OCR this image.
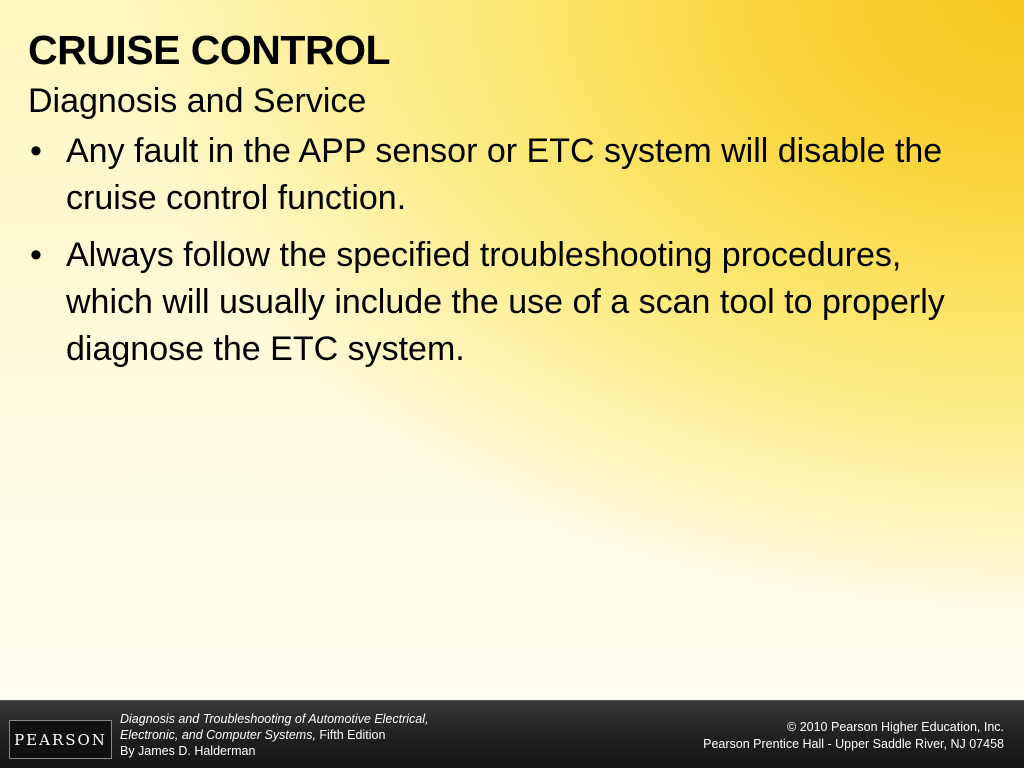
CRUISE CONTROL
Diagnosis and Service
• Any fault in the APP sensor or ETC system will disable the cruise control function.
• Always follow the specified troubleshooting procedures, which will usually include the use of a scan tool to properly diagnose the ETC system.
PEARSON
Diagnosis and Troubleshooting of Automotive Electrical,
Electronic, and Computer Systems, Fifth Edition
By James D. Halderman
© 2010 Pearson Higher Education, Inc.
Pearson Prentice Hall - Upper Saddle River, NJ 07458
